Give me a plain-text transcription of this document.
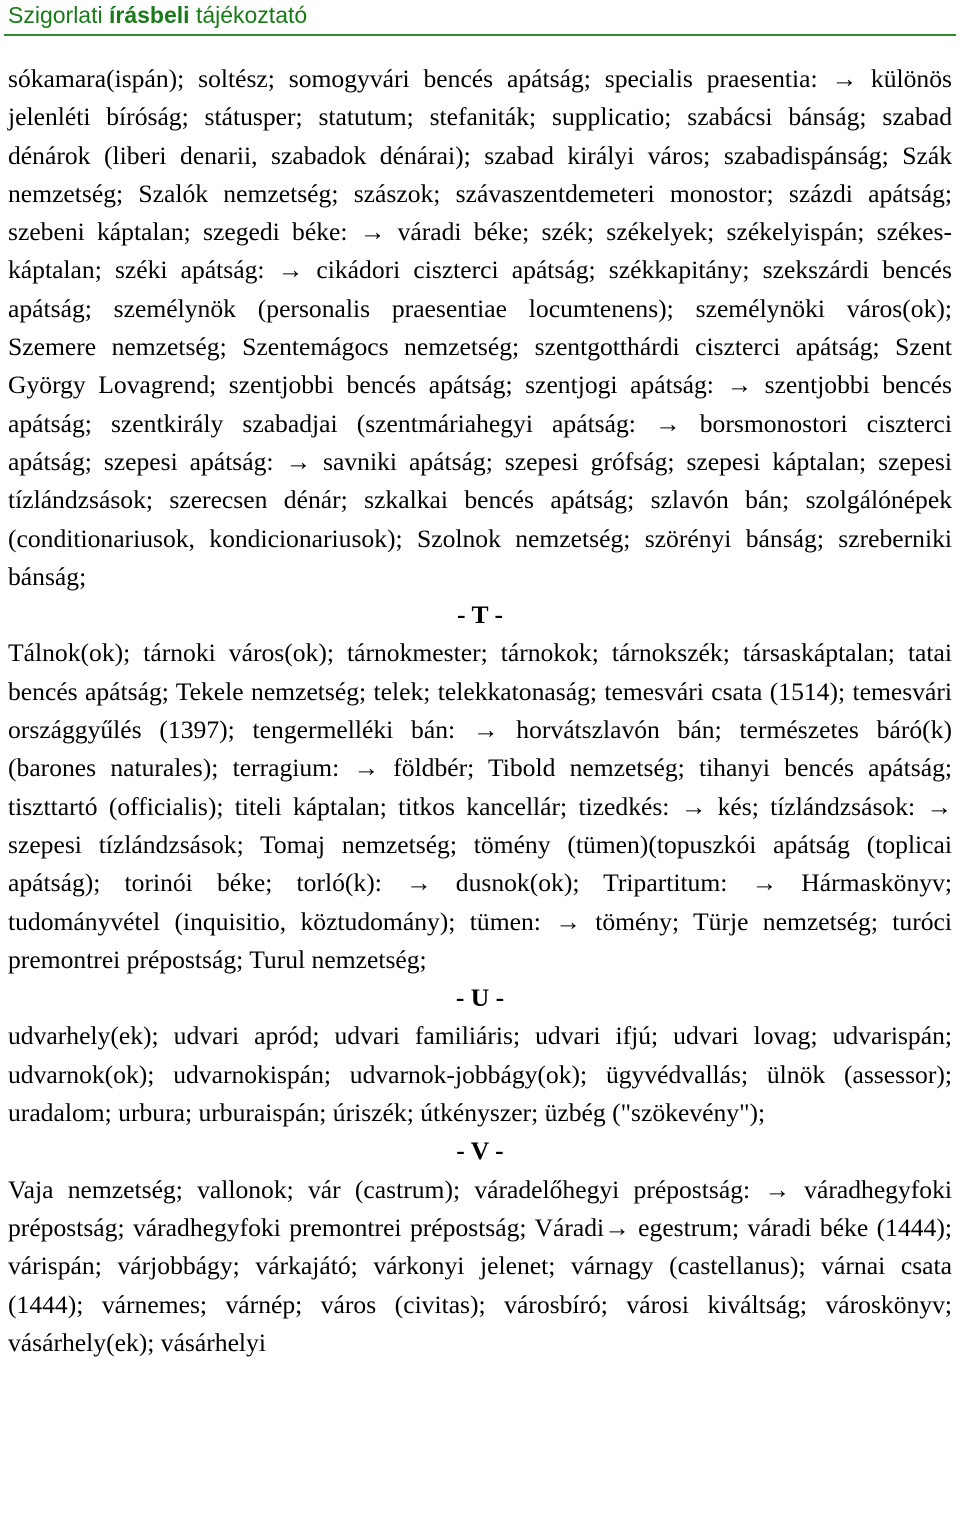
Szigorlati írásbeli tájékoztató

sókamara(ispán); soltész; somogyvári bencés apátság; specialis praesentia: → különös jelenléti bíróság; státusper; statutum; stefaniták; supplicatio; szabácsi bánság; szabad dénárok (liberi denarii, szabadok dénárai); szabad királyi város; szabadispánság; Szák nemzetség; Szalók nemzetség; szászok; szávaszentdemeteri monostor; százdi apátság; szebeni káptalan; szegedi béke: → váradi béke; szék; székelyek; székelyispán; székes-káptalan; széki apátság: → cikádori ciszterci apátság; székkapitány; szekszárdi bencés apátság; személynök (personalis praesentiae locumtenens); személynöki város(ok); Szemere nemzetség; Szentemágocs nemzetség; szentgotthárdi ciszterci apátság; Szent György Lovagrend; szentjobbi bencés apátság; szentjogi apátság: → szentjobbi bencés apátság; szentkirály szabadjai (szentmáriahegyi apátság: → borsmonostori ciszterci apátság; szepesi apátság: → savniki apátság; szepesi grófság; szepesi káptalan; szepesi tízlándzsások; szerecsen dénár; szkalkai bencés apátság; szlavón bán; szolgálónépek (conditionariusok, kondicionariusok); Szolnok nemzetség; szörényi bánság; szreberniki bánság;

- T -

Tálnok(ok); tárnoki város(ok); tárnokmester; tárnokok; tárnokszék; társaskáptalan; tatai bencés apátság; Tekele nemzetség; telek; telekkatonaság; temesvári csata (1514); temesvári országgyűlés (1397); tengermelléki bán: → horvátszlavón bán; természetes báró(k) (barones naturales); terragium: → földbér; Tibold nemzetség; tihanyi bencés apátság; tiszttartó (officialis); titeli káptalan; titkos kancellár; tizedkés: → kés; tízlándzsások: → szepesi tízlándzsások; Tomaj nemzetség; tömény (tümen)(topuszkói apátság (toplicai apátság); torinói béke; torló(k): → dusnok(ok); Tripartitum: → Hármaskönyv; tudományvétel (inquisitio, köztudomány); tümen: → tömény; Türje nemzetség; turóci premontrei prépostság; Turul nemzetség;

- U -

udvarhely(ek); udvari apród; udvari familiáris; udvari ifjú; udvari lovag; udvarispán; udvarnok(ok); udvarnokispán; udvarnok-jobbágy(ok); ügyvédvallás; ülnök (assessor); uradalom; urbura; urburaispán; úriszék; útkényszer; üzbég ("szökevény");

- V -

Vaja nemzetség; vallonok; vár (castrum); váradelőhegyi prépostság: → váradhegyfoki prépostság; váradhegyfoki premontrei prépostság; Váradi→ egestrum; váradi béke (1444); várispán; várjobbágy; várkajátó; várkonyi jelenet; várnagy (castellanus); várnai csata (1444); várnemes; várnép; város (civitas); városbíró; városi kiváltság; városkönyv; vásárhely(ek); vásárhelyi
